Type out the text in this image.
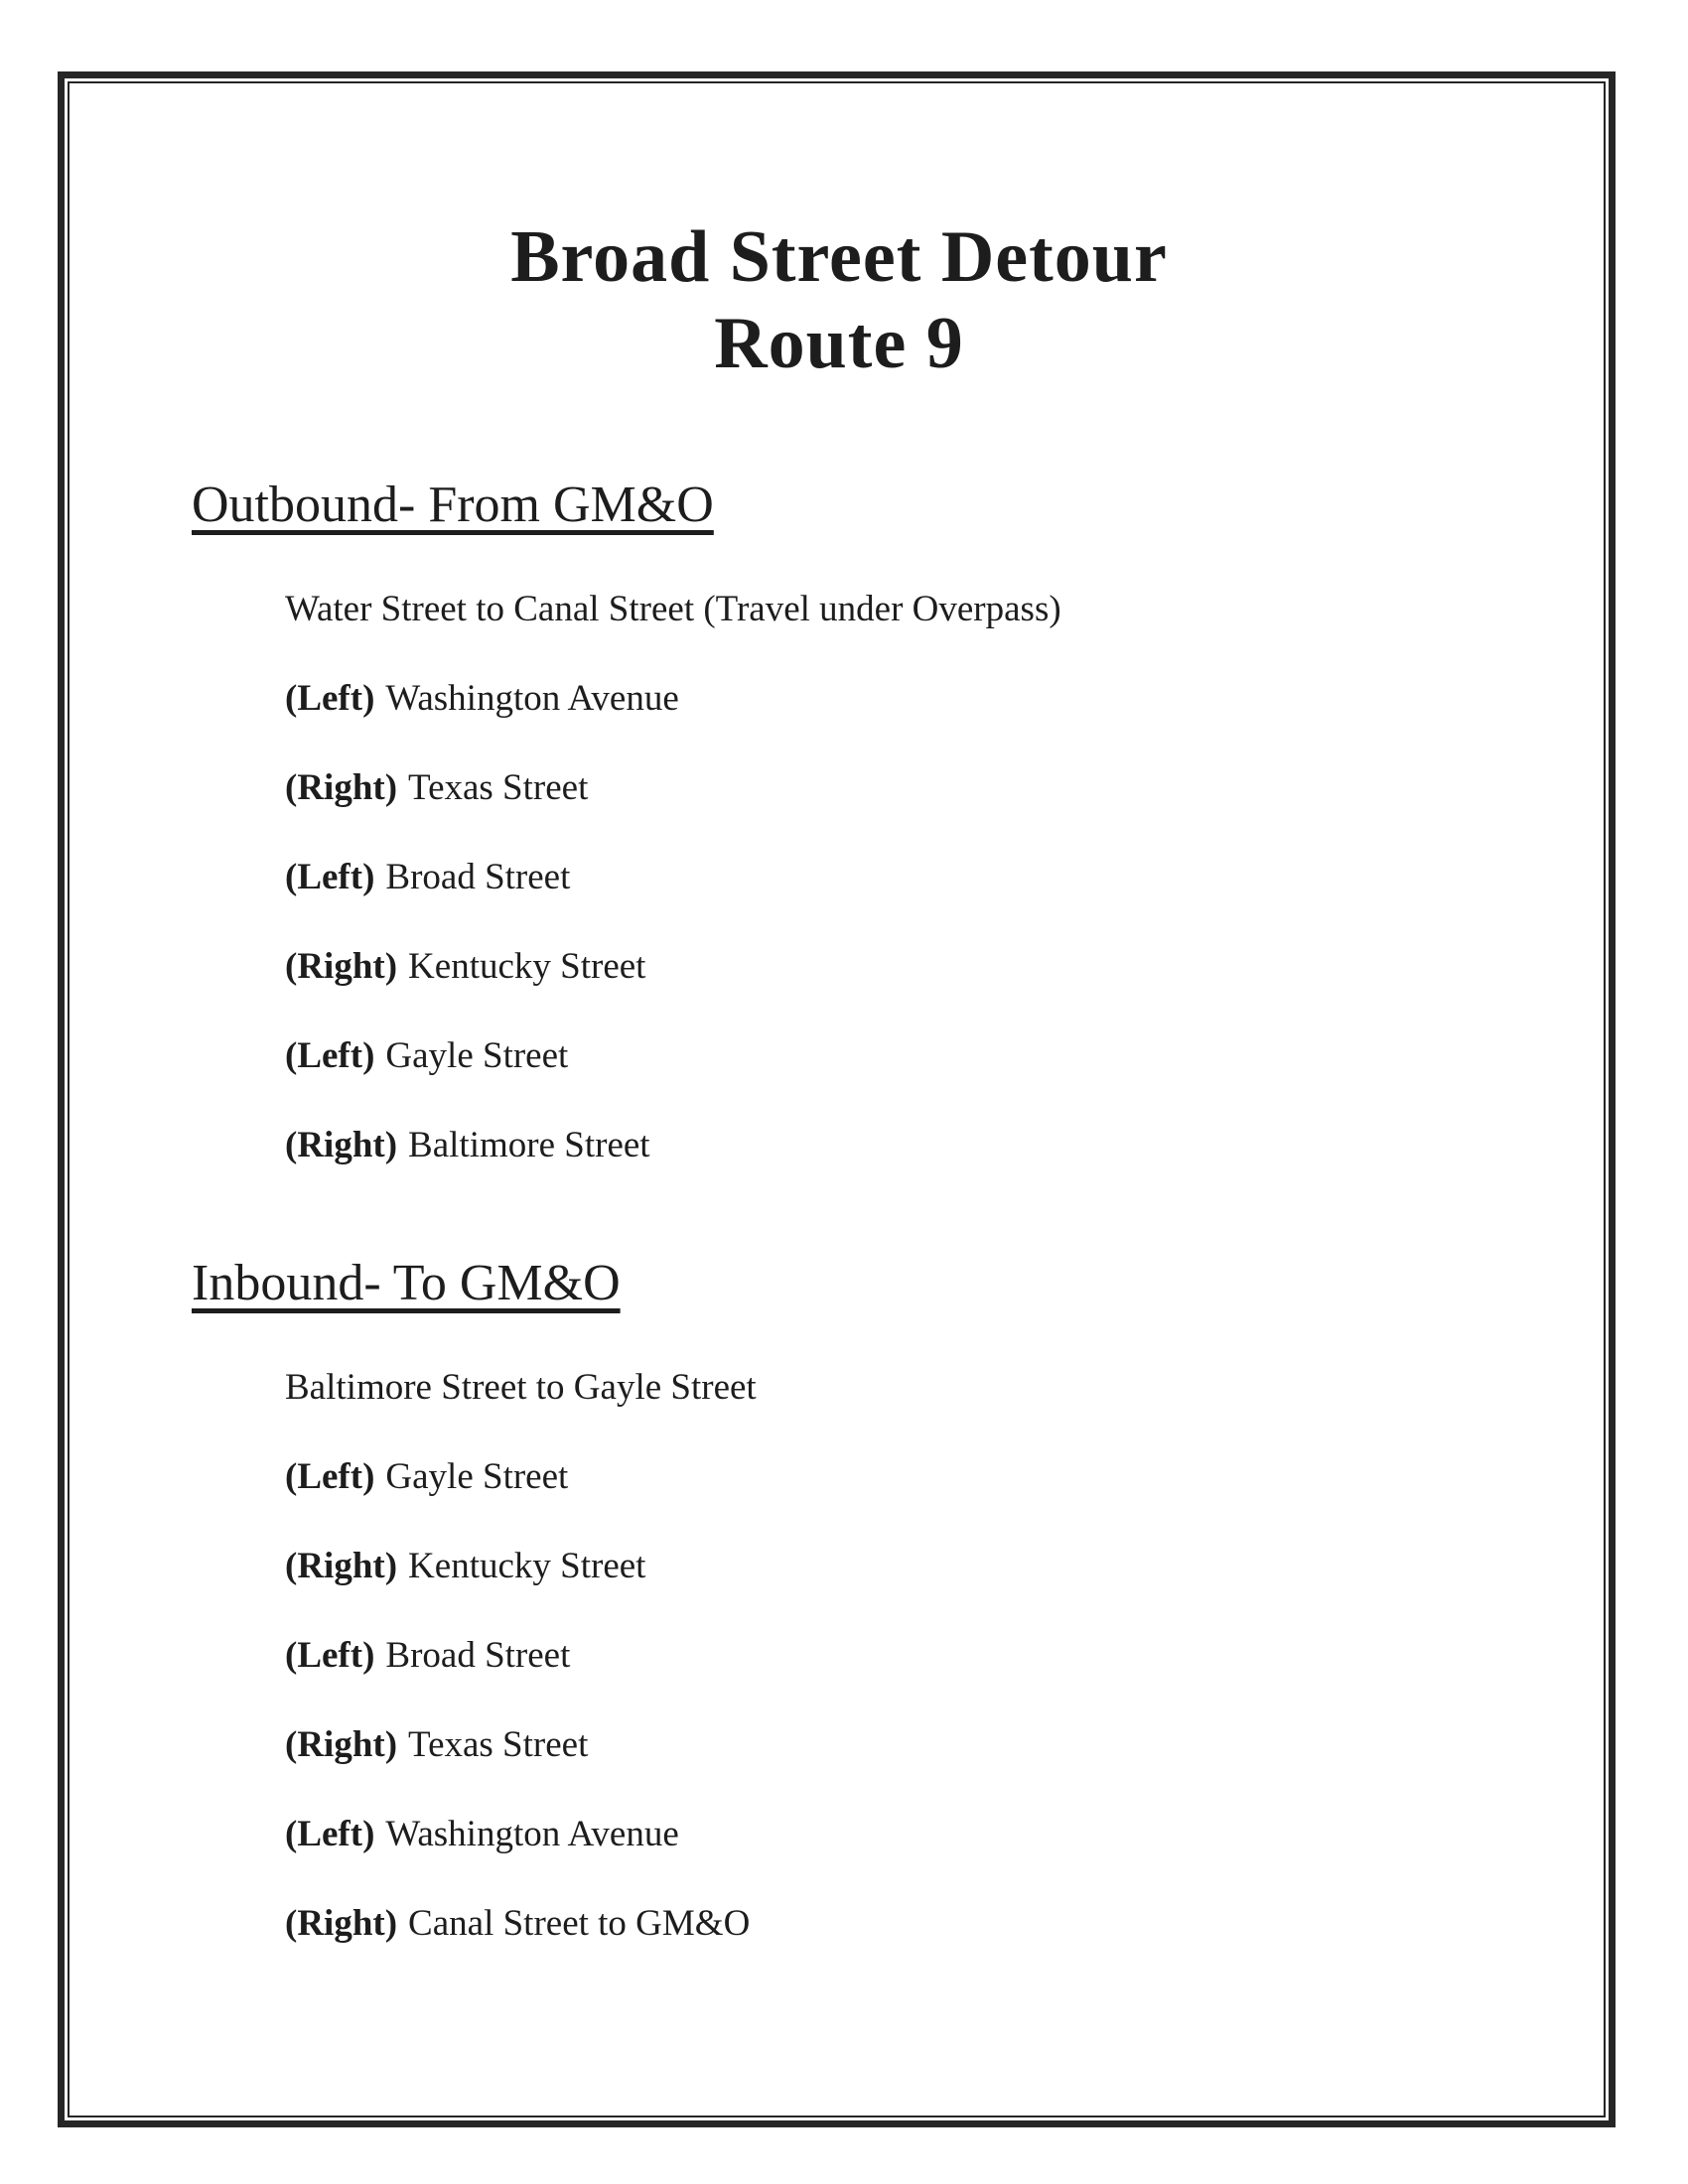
Broad Street Detour
Route 9
Outbound- From GM&O
Water Street to Canal Street (Travel under Overpass)
(Left) Washington Avenue
(Right) Texas Street
(Left) Broad Street
(Right) Kentucky Street
(Left) Gayle Street
(Right) Baltimore Street
Inbound- To GM&O
Baltimore Street to Gayle Street
(Left) Gayle Street
(Right) Kentucky Street
(Left) Broad Street
(Right) Texas Street
(Left) Washington Avenue
(Right) Canal Street to GM&O
